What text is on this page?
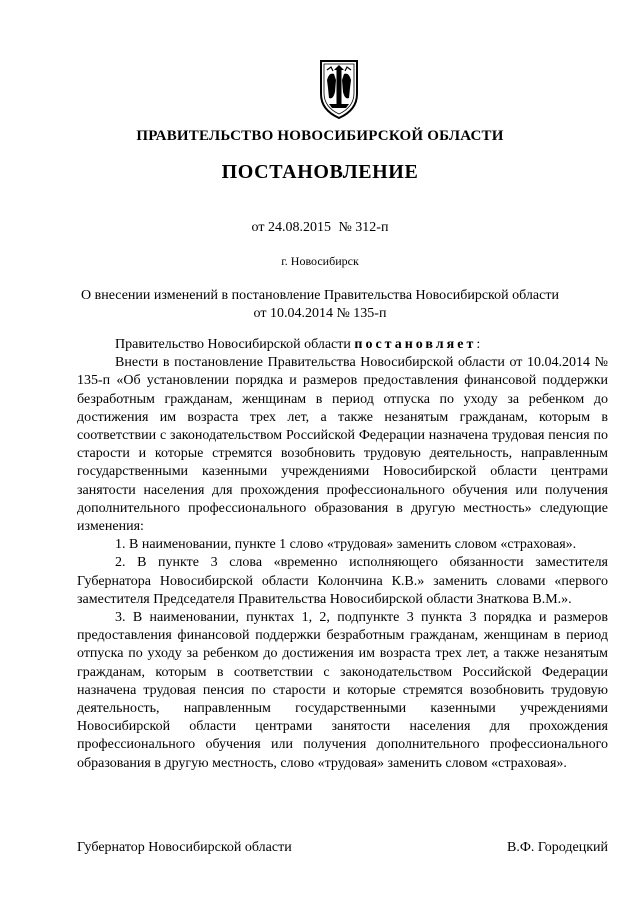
ПРАВИТЕЛЬСТВО НОВОСИБИРСКОЙ ОБЛАСТИ
ПОСТАНОВЛЕНИЕ
от 24.08.2015 № 312-п
г. Новосибирск
О внесении изменений в постановление Правительства Новосибирской области
от 10.04.2014 № 135-п

Правительство Новосибирской области постановляет:

Внести в постановление Правительства Новосибирской области от 10.04.2014 № 135-п «Об установлении порядка и размеров предоставления финансовой поддержки безработным гражданам, женщинам в период отпуска по уходу за ребенком до достижения им возраста трех лет, а также незанятым гражданам, которым в соответствии с законодательством Российской Федерации назначена трудовая пенсия по старости и которые стремятся возобновить трудовую деятельность, направленным государственными казенными учреждениями Новосибирской области центрами занятости населения для прохождения профессионального обучения или получения дополнительного профессионального образования в другую местность» следующие изменения:

1. В наименовании, пункте 1 слово «трудовая» заменить словом «страховая».

2. В пункте 3 слова «временно исполняющего обязанности заместителя Губернатора Новосибирской области Колончина К.В.» заменить словами «первого заместителя Председателя Правительства Новосибирской области Знаткова В.М.».

3. В наименовании, пунктах 1, 2, подпункте 3 пункта 3 порядка и размеров предоставления финансовой поддержки безработным гражданам, женщинам в период отпуска по уходу за ребенком до достижения им возраста трех лет, а также незанятым гражданам, которым в соответствии с законодательством Российской Федерации назначена трудовая пенсия по старости и которые стремятся возобновить трудовую деятельность, направленным государственными казенными учреждениями Новосибирской области центрами занятости населения для прохождения профессионального обучения или получения дополнительного профессионального образования в другую местность, слово «трудовая» заменить словом «страховая».

Губернатор Новосибирской области	В.Ф. Городецкий
